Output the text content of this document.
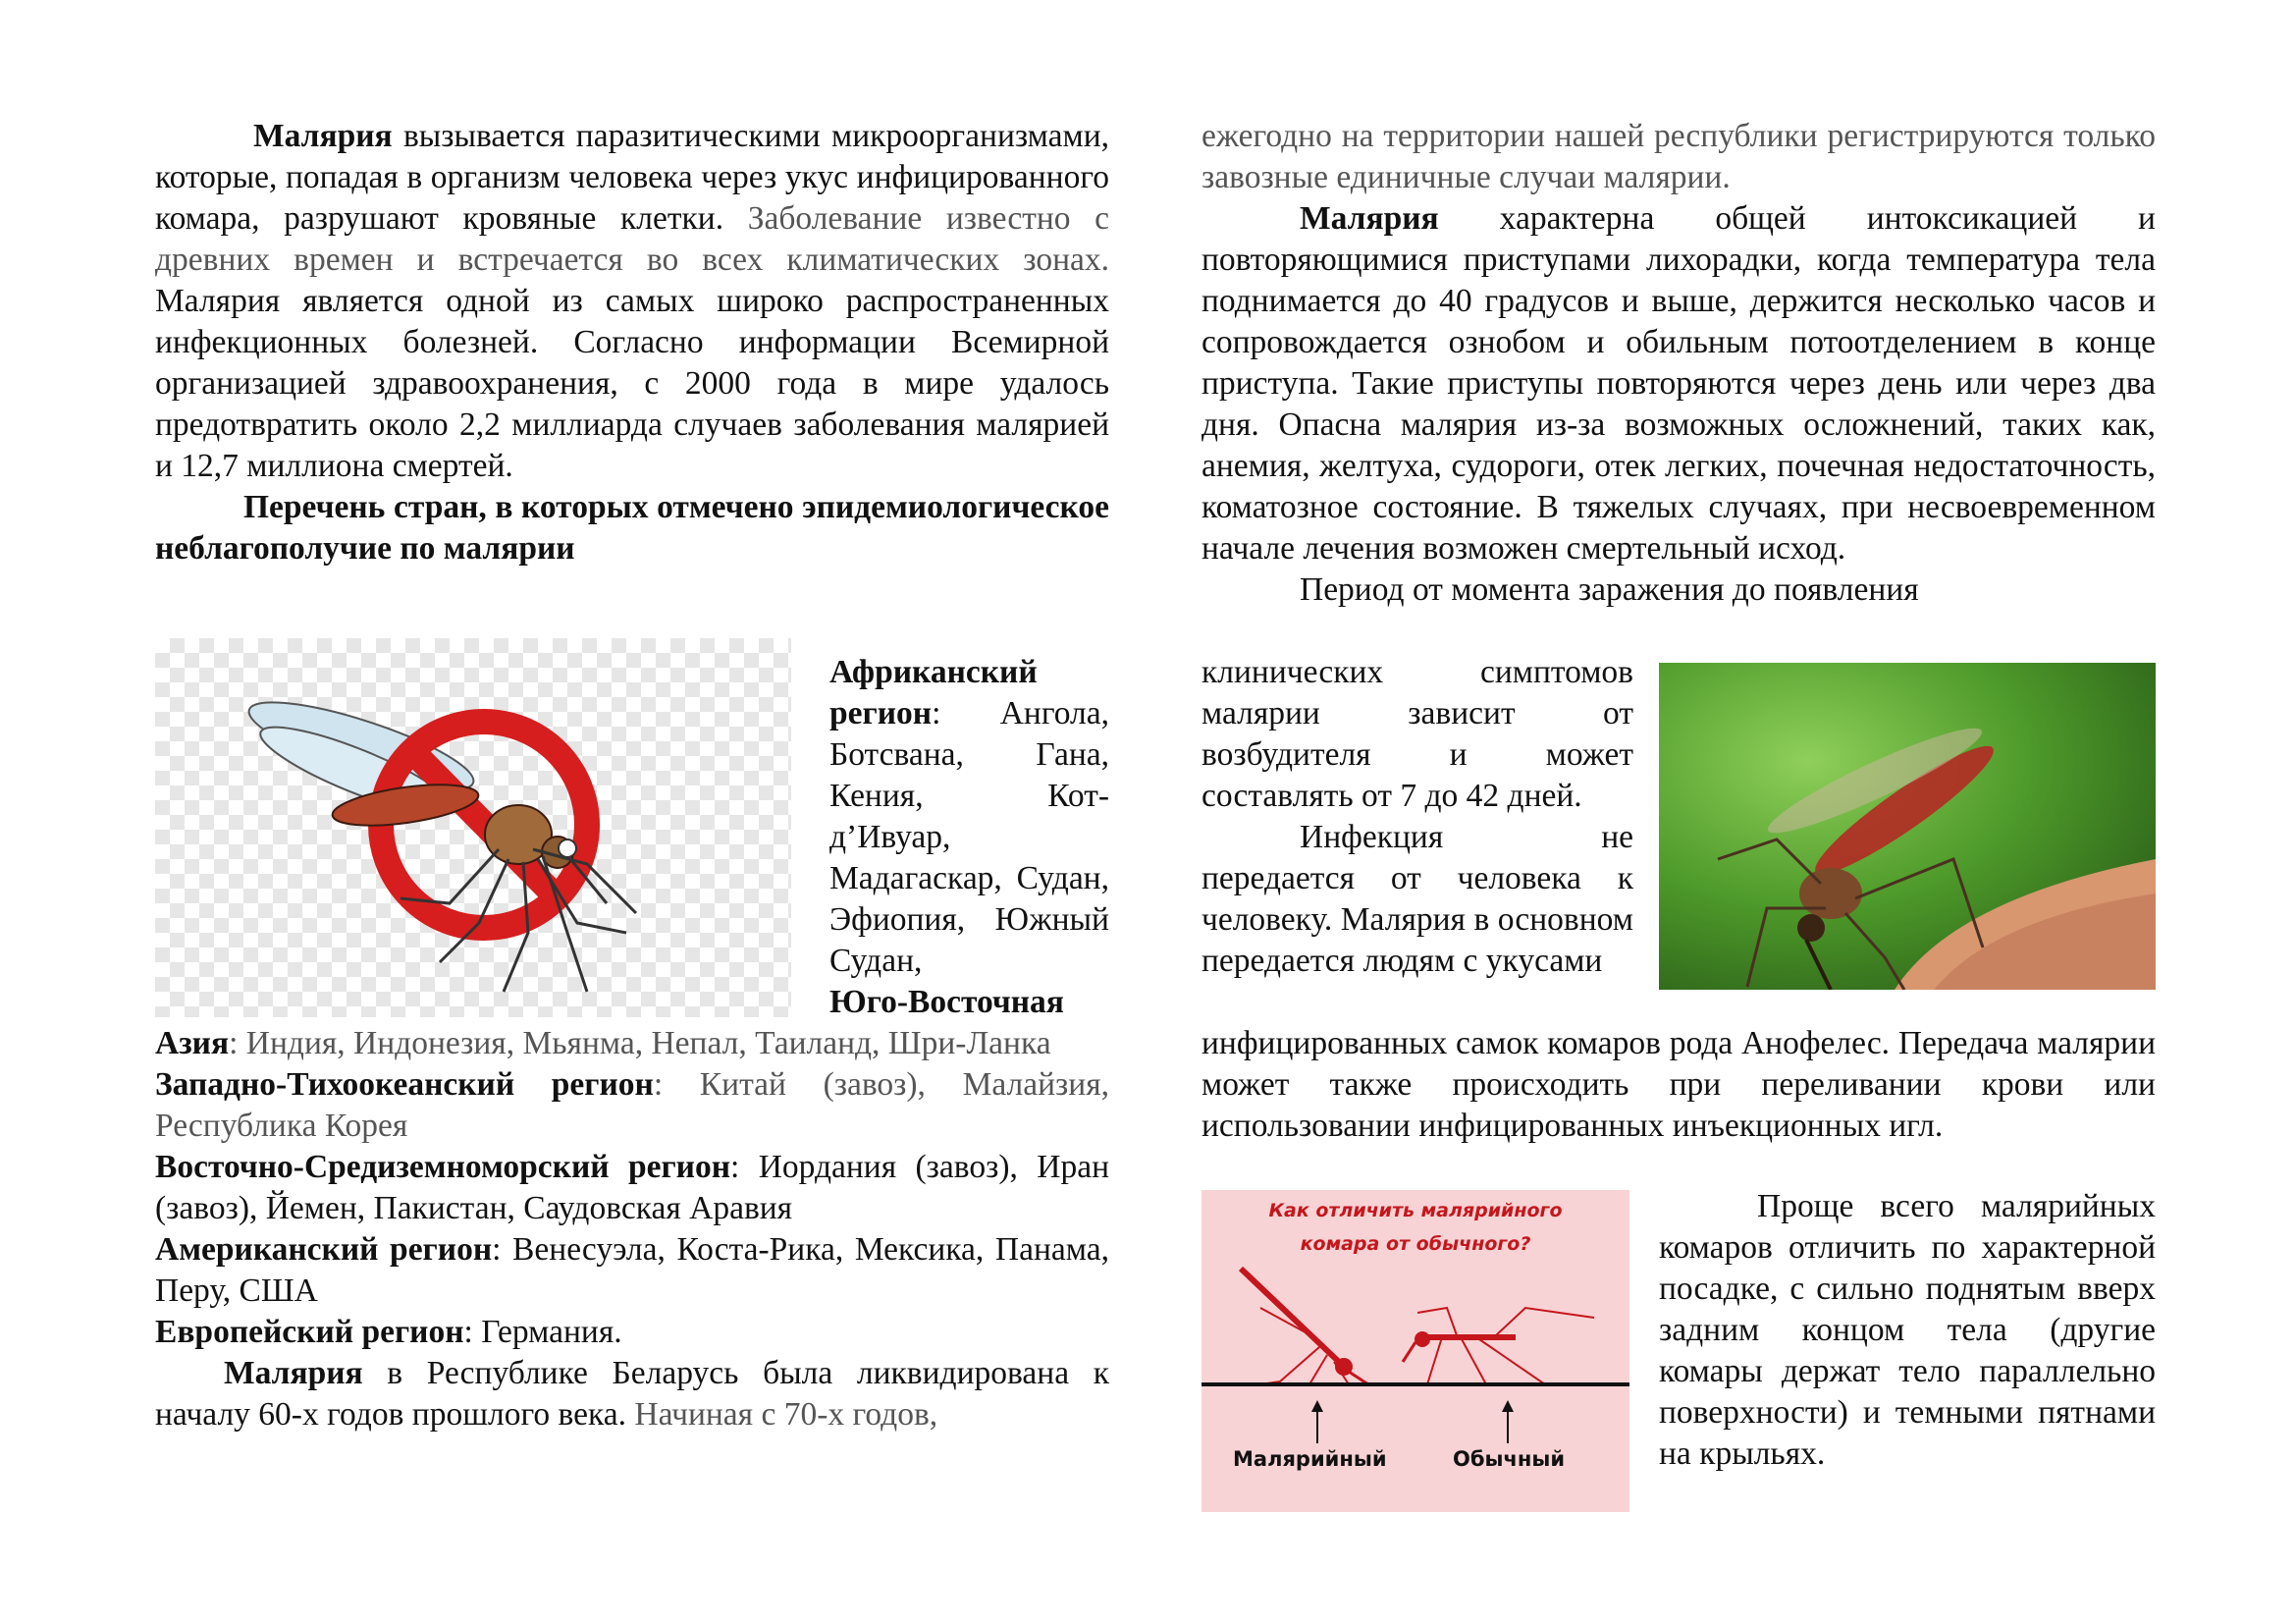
Малярия вызывается паразитическими микроорганизмами, которые, попадая в организм человека через укус инфицированного комара, разрушают кровяные клетки. Заболевание известно с древних времен и встречается во всех климатических зонах. Малярия является одной из самых широко распространенных инфекционных болезней. Согласно информации Всемирной организацией здравоохранения, с 2000 года в мире удалось предотвратить около 2,2 миллиарда случаев заболевания малярией и 12,7 миллиона смертей.

Перечень стран, в которых отмечено эпидемиологическое неблагополучие по малярии

Африканский регион: Ангола, Ботсвана, Гана, Кения, Кот-д’Ивуар, Мадагаскар, Судан, Эфиопия, Южный Судан,

Юго-Восточная

Азия: Индия, Индонезия, Мьянма, Непал, Таиланд, Шри-Ланка

Западно-Тихоокеанский регион: Китай (завоз), Малайзия, Республика Корея

Восточно-Средиземноморский регион: Иордания (завоз), Иран (завоз), Йемен, Пакистан, Саудовская Аравия

Американский регион: Венесуэла, Коста-Рика, Мексика, Панама, Перу, США

Европейский регион: Германия.

Малярия в Республике Беларусь была ликвидирована к началу 60-х годов прошлого века. Начиная с 70-х годов,

ежегодно на территории нашей республики регистрируются только завозные единичные случаи малярии.

Малярия характерна общей интоксикацией и повторяющимися приступами лихорадки, когда температура тела поднимается до 40 градусов и выше, держится несколько часов и сопровождается ознобом и обильным потоотделением в конце приступа. Такие приступы повторяются через день или через два дня. Опасна малярия из-за возможных осложнений, таких как, анемия, желтуха, судороги, отек легких, почечная недостаточность, коматозное состояние. В тяжелых случаях, при несвоевременном начале лечения возможен смертельный исход.

Период от момента заражения до появления

клинических симптомов малярии зависит от возбудителя и может составлять от 7 до 42 дней.

Инфекция не передается от человека к человеку. Малярия в основном передается людям с укусами

инфицированных самок комаров рода Анофелес. Передача малярии может также происходить при переливании крови или использовании инфицированных инъекционных игл.

Как отличить малярийного
комара от обычного?
Малярийный	Обычный

Проще всего малярийных комаров отличить по характерной посадке, с сильно поднятым вверх задним концом тела (другие комары держат тело параллельно поверхности) и темными пятнами на крыльях.
